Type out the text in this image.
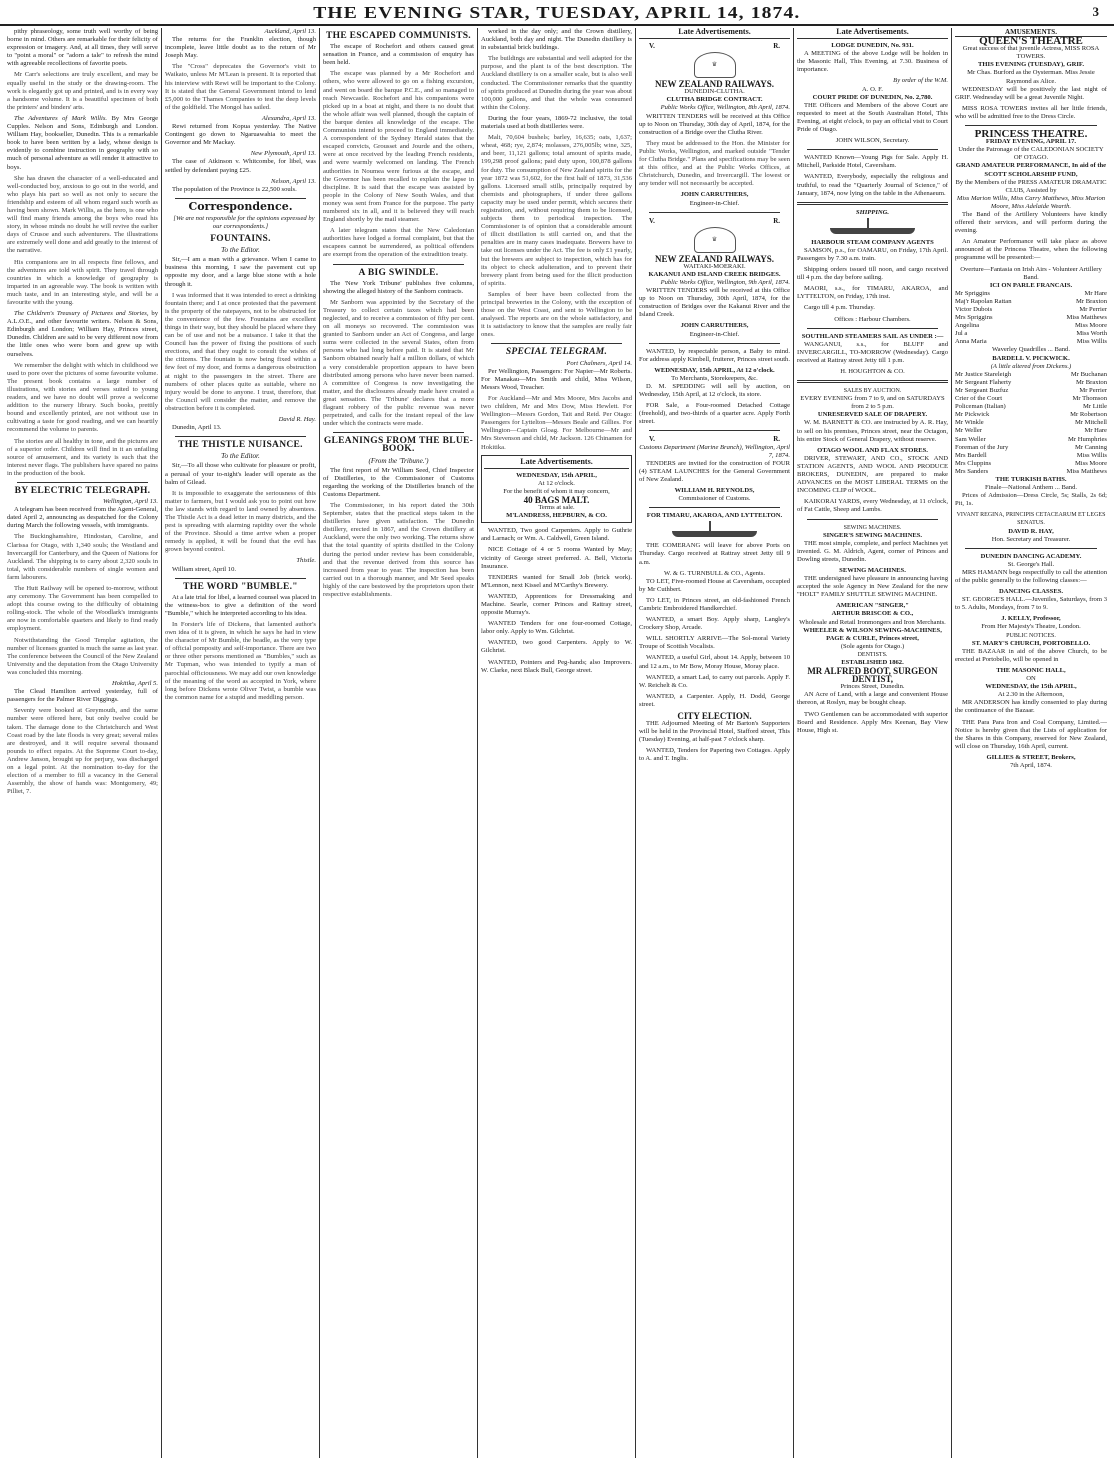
THE EVENING STAR, TUESDAY, APRIL 14, 1874.	3

pithy phraseology, some truth well worthy of being borne in mind. Others are remarkable for their felicity of expression or imagery. And, at all times, they will serve to "point a moral" or "adorn a tale" to refresh the mind with agreeable recollections of favorite poets.

Mr Carr's selections are truly excellent, and may be equally useful in the study or the drawing-room. The work is elegantly got up and printed, and is in every way a handsome volume. It is a beautiful specimen of both the printers' and binders' arts.

The Adventures of Mark Willis. By Mrs George Cupples. Nelson and Sons, Edinburgh and London. William Hay, bookseller, Dunedin. This is a remarkable book to have been written by a lady, whose design is evidently to combine instruction in geography with so much of personal adventure as will render it attractive to boys.

She has drawn the character of a well-educated and well-conducted boy, anxious to go out in the world, and who plays his part so well as not only to secure the friendship and esteem of all whom regard such worth as having been shown. Mark Willis, as the hero, is one who will find many friends among the boys who read his story, in whose minds no doubt he will revive the earlier days of Crusoe and such adventurers. The illustrations are extremely well done and add greatly to the interest of the narrative.

His companions are in all respects fine fellows, and the adventures are told with spirit. They travel through countries in which a knowledge of geography is imparted in an agreeable way. The book is written with much taste, and in an interesting style, and will be a favourite with the young.

The Children's Treasury of Pictures and Stories, by A.L.O.E., and other favourite writers. Nelson & Sons, Edinburgh and London; William Hay, Princes street, Dunedin. Children are said to be very different now from the little ones who were born and grew up with ourselves.

We remember the delight with which in childhood we used to pore over the pictures of some favourite volume. The present book contains a large number of illustrations, with stories and verses suited to young readers, and we have no doubt will prove a welcome addition to the nursery library. Such books, prettily bound and excellently printed, are not without use in cultivating a taste for good reading, and we can heartily recommend the volume to parents.

The stories are all healthy in tone, and the pictures are of a superior order. Children will find in it an unfailing source of amusement, and its variety is such that the interest never flags. The publishers have spared no pains in the production of the book.

BY ELECTRIC TELEGRAPH.
Wellington, April 13.

A telegram has been received from the Agent-General, dated April 2, announcing as despatched for the Colony during March the following vessels, with immigrants.

The Buckinghamshire, Hindostan, Caroline, and Clarissa for Otago, with 1,340 souls; the Westland and Invercargill for Canterbury, and the Queen of Nations for Auckland. The shipping is to carry about 2,320 souls in total, with considerable numbers of single women and farm labourers.

The Hutt Railway will be opened to-morrow, without any ceremony. The Government has been compelled to adopt this course owing to the difficulty of obtaining rolling-stock. The whole of the Woodlark's immigrants are now in comfortable quarters and likely to find ready employment.

Notwithstanding the Good Templar agitation, the number of licenses granted is much the same as last year. The conference between the Council of the New Zealand University and the deputation from the Otago University was concluded this morning.

Hokitika, April 5.

The Clead Hamilton arrived yesterday, full of passengers for the Palmer River Diggings.

Seventy were booked at Greymouth, and the same number were offered here, but only twelve could be taken. The damage done to the Christchurch and West Coast road by the late floods is very great; several miles are destroyed, and it will require several thousand pounds to effect repairs. At the Supreme Court to-day, Andrew Janson, brought up for perjury, was discharged on a legal point. At the nomination to-day for the election of a member to fill a vacancy in the General Assembly, the show of hands was: Montgomery, 49; Pilliet, 7.

Auckland, April 13.

The returns for the Franklin election, though incomplete, leave little doubt as to the return of Mr Joseph May.

The "Cross" deprecates the Governor's visit to Waikato, unless Mr M'Lean is present. It is reported that his interview with Rewi will be important to the Colony. It is stated that the General Government intend to lend £5,000 to the Thames Companies to test the deep levels of the goldfield. The Mongol has sailed.

Alexandra, April 13.

Rewi returned from Kopua yesterday. The Native Contingent go down to Ngaruawahia to meet the Governor and Mr Mackay.

New Plymouth, April 13.

The case of Atkinson v. Whitcombe, for libel, was settled by defendant paying £25.

Nelson, April 13.

The population of the Province is 22,500 souls.

Correspondence.

[We are not responsible for the opinions expressed by our correspondents.]

FOUNTAINS.
To the Editor.

Sir,—I am a man with a grievance. When I came to business this morning, I saw the pavement cut up opposite my door, and a large blue stone with a hole through it.

I was informed that it was intended to erect a drinking fountain there; and I at once protested that the pavement is the property of the ratepayers, not to be obstructed for the convenience of the few. Fountains are excellent things in their way, but they should be placed where they can be of use and not be a nuisance. I take it that the Council has the power of fixing the positions of such erections, and that they ought to consult the wishes of the citizens. The fountain is now being fixed within a few feet of my door, and forms a dangerous obstruction at night to the passengers in the street. There are numbers of other places quite as suitable, where no injury would be done to anyone. I trust, therefore, that the Council will consider the matter, and remove the obstruction before it is completed.

David R. Hay.

Dunedin, April 13.

THE THISTLE NUISANCE.
To the Editor.

Sir,—To all those who cultivate for pleasure or profit, a perusal of your to-night's leader will operate as the balm of Gilead.

It is impossible to exaggerate the seriousness of this matter to farmers, but I would ask you to point out how the law stands with regard to land owned by absentees. The Thistle Act is a dead letter in many districts, and the pest is spreading with alarming rapidity over the whole of the Province. Should a time arrive when a proper remedy is applied, it will be found that the evil has grown beyond control.

Thistle.

William street, April 10.

THE WORD "BUMBLE."

At a late trial for libel, a learned counsel was placed in the witness-box to give a definition of the word "Bumble," which he interpreted according to his idea.

In Forster's life of Dickens, that lamented author's own idea of it is given, in which he says he had in view the character of Mr Bumble, the beadle, as the very type of official pomposity and self-importance. There are two or three other persons mentioned as "Bumbles," such as Mr Tupman, who was intended to typify a man of parochial officiousness. We may add our own knowledge of the meaning of the word as accepted in York, where long before Dickens wrote Oliver Twist, a bumble was the common name for a stupid and meddling person.

THE ESCAPED COMMUNISTS.

The escape of Rochefort and others caused great sensation in France, and a commission of enquiry has been held.

The escape was planned by a Mr Rochefort and others, who were allowed to go on a fishing excursion, and went on board the barque P.C.E., and so managed to reach Newcastle. Rochefort and his companions were picked up in a boat at night, and there is no doubt that the whole affair was well planned, though the captain of the barque denies all knowledge of the escape. The Communists intend to proceed to England immediately. A correspondent of the Sydney Herald states that the escaped convicts, Grousset and Jourde and the others, were at once received by the leading French residents, and were warmly welcomed on landing. The French authorities in Noumea were furious at the escape, and the Governor has been recalled to explain the lapse in discipline. It is said that the escape was assisted by people in the Colony of New South Wales, and that money was sent from France for the purpose. The party numbered six in all, and it is believed they will reach England shortly by the mail steamer.

A later telegram states that the New Caledonian authorities have lodged a formal complaint, but that the escapees cannot be surrendered, as political offenders are exempt from the operation of the extradition treaty.

A BIG SWINDLE.

The 'New York Tribune' publishes five columns, showing the alleged history of the Sanborn contracts.

Mr Sanborn was appointed by the Secretary of the Treasury to collect certain taxes which had been neglected, and to receive a commission of fifty per cent. on all moneys so recovered. The commission was granted to Sanborn under an Act of Congress, and large sums were collected in the several States, often from persons who had long before paid. It is stated that Mr Sanborn obtained nearly half a million dollars, of which a very considerable proportion appears to have been distributed among persons who have never been named. A committee of Congress is now investigating the matter, and the disclosures already made have created a great sensation. The 'Tribune' declares that a more flagrant robbery of the public revenue was never perpetrated, and calls for the instant repeal of the law under which the contracts were made.

GLEANINGS FROM THE BLUE-BOOK.
(From the 'Tribune.')

The first report of Mr William Seed, Chief Inspector of Distilleries, to the Commissioner of Customs regarding the working of the Distilleries branch of the Customs Department.

The Commissioner, in his report dated the 30th September, states that the practical steps taken in the distilleries have given satisfaction. The Dunedin distillery, erected in 1867, and the Crown distillery at Auckland, were the only two working. The returns show that the total quantity of spirits distilled in the Colony during the period under review has been considerable, and that the revenue derived from this source has increased from year to year. The inspection has been carried out in a thorough manner, and Mr Seed speaks highly of the care bestowed by the proprietors upon their respective establishments.

worked in the day only; and the Crown distillery, Auckland, both day and night. The Dunedin distillery is in substantial brick buildings.

The buildings are substantial and well adapted for the purpose, and the plant is of the best description. The Auckland distillery is on a smaller scale, but is also well conducted. The Commissioner remarks that the quantity of spirits produced at Dunedin during the year was about 100,000 gallons, and that the whole was consumed within the Colony.

During the four years, 1869-72 inclusive, the total materials used at both distilleries were.

Malt, 70,604 bushels; barley, 16,635; oats, 1,637; wheat, 468; rye, 2,874; molasses, 276,005lb; wine, 325, and beer, 11,121 gallons; total amount of spirits made, 199,298 proof gallons; paid duty upon, 100,878 gallons for duty. The consumption of New Zealand spirits for the year 1872 was 51,602, for the first half of 1873, 31,536 gallons. Licensed small stills, principally required by chemists and photographers, if under three gallons capacity may be used under permit, which secures their registration, and, without requiring them to be licensed, subjects them to periodical inspection. The Commissioner is of opinion that a considerable amount of illicit distillation is still carried on, and that the penalties are in many cases inadequate. Brewers have to take out licenses under the Act. The fee is only £1 yearly, but the brewers are subject to inspection, which has for its object to check adulteration, and to prevent their brewery plant from being used for the illicit production of spirits.

Samples of beer have been collected from the principal breweries in the Colony, with the exception of those on the West Coast, and sent to Wellington to be analysed. The reports are on the whole satisfactory, and it is satisfactory to know that the samples are really fair ones.

SPECIAL TELEGRAM.
Port Chalmers, April 14.

Per Wellington, Passengers: For Napier—Mr Roberts. For Manakau—Mrs Smith and child, Miss Wilson, Messrs Wood, Treacher.

For Auckland—Mr and Mrs Moore, Mrs Jacobs and two children, Mr and Mrs Dow, Miss Hewlett. For Wellington—Messrs Gordon, Tait and Reid. Per Otago: Passengers for Lyttelton—Messrs Beale and Gillies. For Wellington—Captain Gloag. For Melbourne—Mr and Mrs Stevenson and child, Mr Jackson. 126 Chinamen for Hokitika.

Late Advertisements.
WEDNESDAY, 15th APRIL,
At 12 o'clock.
For the benefit of whom it may concern,
40 BAGS MALT.
Terms at sale.
M'LANDRESS, HEPBURN, & CO.

WANTED, Two good Carpenters. Apply to Guthrie and Larnach; or Wm. A. Caldwell, Green Island.

NICE Cottage of 4 or 5 rooms Wanted by May; vicinity of George street preferred. A. Bell, Victoria Insurance.

TENDERS wanted for Small Job (brick work). M'Lennon, next Kissel and M'Carthy's Brewery.

WANTED, Apprentices for Dressmaking and Machine. Searle, corner Princes and Rattray street, opposite Murray's.

WANTED Tenders for one four-roomed Cottage, labor only. Apply to Wm. Gilchrist.

WANTED, two good Carpenters. Apply to W. Gilchrist.

WANTED, Pointers and Peg-hands; also Improvers. W. Clarke, next Black Bull, George street.

Late Advertisements.
V.	R.
♛
NEW ZEALAND RAILWAYS.
DUNEDIN-CLUTHA.
CLUTHA BRIDGE CONTRACT.
Public Works Office, Wellington, 8th April, 1874.

WRITTEN TENDERS will be received at this Office up to Noon on Thursday, 30th day of April, 1874, for the construction of a Bridge over the Clutha River.

They must be addressed to the Hon. the Minister for Public Works, Wellington, and marked outside "Tender for Clutha Bridge." Plans and specifications may be seen at this office, and at the Public Works Offices, at Christchurch, Dunedin, and Invercargill. The lowest or any tender will not necessarily be accepted.

JOHN CARRUTHERS,
Engineer-in-Chief.
V.	R.
♛
NEW ZEALAND RAILWAYS.
WAITAKI-MOERAKI.
KAKANUI AND ISLAND CREEK BRIDGES.
Public Works Office, Wellington, 9th April, 1874.

WRITTEN TENDERS will be received at this Office up to Noon on Thursday, 30th April, 1874, for the construction of Bridges over the Kakanui River and the Island Creek.

JOHN CARRUTHERS,
Engineer-in-Chief.

WANTED, by respectable person, a Baby to mind. For address apply Kimbell, fruiterer, Princes street south.

WEDNESDAY, 15th APRIL, At 12 o'clock.
To Merchants, Storekeepers, &c.

D. M. SPEDDING will sell by auction, on Wednesday, 15th April, at 12 o'clock, its store.

FOR Sale, a Four-roomed Detached Cottage (freehold), and two-thirds of a quarter acre. Apply Forth street.

V.	R.
Customs Department (Marine Branch), Wellington, April 7, 1874.

TENDERS are invited for the construction of FOUR (4) STEAM LAUNCHES for the General Government of New Zealand.

WILLIAM H. REYNOLDS,
Commissioner of Customs.
FOR TIMARU, AKAROA, AND LYTTELTON.

THE COMERANG will leave for above Ports on Thursday. Cargo received at Rattray street Jetty till 9 a.m.

W. & G. TURNBULL & CO., Agents.

TO LET, Five-roomed House at Caversham, occupied by Mr Cuthbert.

TO LET, in Princes street, an old-fashioned French Cambric Embroidered Handkerchief.

WANTED, a smart Boy. Apply sharp, Langley's Crockery Shop, Arcade.

WILL SHORTLY ARRIVE—The Sol-moral Variety Troupe of Scottish Vocalists.

WANTED, a useful Girl, about 14. Apply, between 10 and 12 a.m., to Mr Bow, Moray House, Moray place.

WANTED, a smart Lad, to carry out parcels. Apply F. W. Reichelt & Co.

WANTED, a Carpenter. Apply, H. Dodd, George street.

CITY ELECTION.

THE Adjourned Meeting of Mr Barton's Supporters will be held in the Provincial Hotel, Stafford street, This (Tuesday) Evening, at half-past 7 o'clock sharp.

WANTED, Tenders for Papering two Cottages. Apply to A. and T. Inglis.

Late Advertisements.
LODGE DUNEDIN, No. 931.

A MEETING of the above Lodge will be holden in the Masonic Hall, This Evening, at 7.30. Business of importance.

By order of the W.M.
A. O. F.
COURT PRIDE OF DUNEDIN, No. 2,780.

THE Officers and Members of the above Court are requested to meet at the South Australian Hotel, This Evening, at eight o'clock, to pay an official visit to Court Pride of Otago.

JOHN WILSON, Secretary.

WANTED Known—Young Pigs for Sale. Apply H. Mitchell, Parkside Hotel, Caversham.

WANTED, Everybody, especially the religious and truthful, to read the "Quarterly Journal of Science," of January, 1874, now lying on the table in the Athenaeum.

SHIPPING.
HARBOUR STEAM COMPANY AGENTS

SAMSON, p.s., for OAMARU, on Friday, 17th April. Passengers by 7.30 a.m. train.

Shipping orders issued till noon, and cargo received till 4 p.m. the day before sailing.

MAORI, s.s., for TIMARU, AKAROA, and LYTTELTON, on Friday, 17th inst.

Cargo till 4 p.m. Thursday.

Offices : Harbour Chambers.
SOUTHLAND STEAMERS SAIL AS UNDER :—

WANGANUI, s.s., for BLUFF and INVERCARGILL, TO-MORROW (Wednesday). Cargo received at Rattray street Jetty till 1 p.m.

H. HOUGHTON & CO.
SALES BY AUCTION.
EVERY EVENING from 7 to 9, and on SATURDAYS from 2 to 5 p.m.
UNRESERVED SALE OF DRAPERY.

W. M. BARNETT & CO. are instructed by A. R. Hay, to sell on his premises, Princes street, near the Octagon, his entire Stock of General Drapery, without reserve.

OTAGO WOOL AND FLAX STORES.

DRIVER, STEWART, AND CO., STOCK AND STATION AGENTS, AND WOOL AND PRODUCE BROKERS, DUNEDIN, are prepared to make ADVANCES on the MOST LIBERAL TERMS on the INCOMING CLIP of WOOL.

KAIKORAI YARDS, every Wednesday, at 11 o'clock, of Fat Cattle, Sheep and Lambs.

SEWING MACHINES.
SINGER'S SEWING MACHINES.

THE most simple, complete, and perfect Machines yet invented. G. M. Aldrich, Agent, corner of Princes and Dowling streets, Dunedin.

SEWING MACHINES.

THE undersigned have pleasure in announcing having accepted the sole Agency in New Zealand for the new "HOLT" FAMILY SHUTTLE SEWING MACHINE.

AMERICAN "SINGER,"
ARTHUR BRISCOE & CO.,
Wholesale and Retail Ironmongers and Iron Merchants.
WHEELER & WILSON SEWING-MACHINES,
PAGE & CURLE, Princes street,
(Sole agents for Otago.)
DENTISTS.
ESTABLISHED 1862.
MR ALFRED BOOT, SURGEON DENTIST,
Princes Street, Dunedin.

AN Acre of Land, with a large and convenient House thereon, at Roslyn, may be bought cheap.

TWO Gentlemen can be accommodated with superior Board and Residence. Apply Mrs Keenan, Bay View House, High st.

AMUSEMENTS.
QUEEN'S THEATRE
Great success of that juvenile Actress, MISS ROSA TOWERS.
THIS EVENING (TUESDAY), GRIF.
Mr Chas. Burford as the Oysterman. Miss Jessie Raymond as Alice.

WEDNESDAY will be positively the last night of GRIF. Wednesday will be a great Juvenile Night.

MISS ROSA TOWERS invites all her little friends, who will be admitted free to the Dress Circle.

PRINCESS THEATRE.
FRIDAY EVENING, APRIL 17.
Under the Patronage of the CALEDONIAN SOCIETY OF OTAGO.
GRAND AMATEUR PERFORMANCE, In aid of the SCOTT SCHOLARSHIP FUND,
By the Members of the PRESS AMATEUR DRAMATIC CLUB, Assisted by
Miss Marion Willis, Miss Carry Matthews, Miss Marion Moore, Miss Adelaide Wearth.

The Band of the Artillery Volunteers have kindly offered their services, and will perform during the evening.

An Amateur Performance will take place as above announced at the Princess Theatre, when the following programme will be presented:—

Overture—Fantasia on Irish Airs - Volunteer Artillery Band.
ICI ON PARLE FRANCAIS.
Mr Spriggins	Mr Hare
Maj'r Rapolan Rattan	Mr Braxton
Victor Dubois	Mr Perrier
Mrs Spriggins	Miss Matthews
Angelina	Miss Moore
Jul a	Miss Worth
Anna Maria	Miss Willis
Waverley Quadrilles ... Band.
BARDELL V. PICKWICK.
(A little altered from Dickens.)
Mr Justice Stareleigh	Mr Buchanan
Mr Sergeant Flaherty	Mr Braxton
Mr Sergeant Buzfuz	Mr Perrier
Crier of the Court	Mr Thomson
Policeman (Italian)	Mr Little
Mr Pickwick	Mr Robertson
Mr Winkle	Mr Mitchell
Mr Weller	Mr Hare
Sam Weller	Mr Humphries
Foreman of the Jury	Mr Canning
Mrs Bardell	Miss Willis
Mrs Cluppins	Miss Moore
Mrs Sanders	Miss Matthews
THE TURKISH BATHS.
Finale—National Anthem ... Band.

Prices of Admission—Dress Circle, 5s; Stalls, 2s 6d; Pit, 1s.

VIVANT REGINA, PRINCIPIS CETACEARUM ET LEGES SENATUS.
DAVID R. HAY,
Hon. Secretary and Treasurer.
DUNEDIN DANCING ACADEMY.
St. George's Hall.

MRS HAMANN begs respectfully to call the attention of the public generally to the following classes:—

DANCING CLASSES.

ST. GEORGE'S HALL.—Juveniles, Saturdays, from 3 to 5. Adults, Mondays, from 7 to 9.

J. KELLY, Professor,
From Her Majesty's Theatre, London.
PUBLIC NOTICES.
ST. MARY'S CHURCH, PORTOBELLO.

THE BAZAAR in aid of the above Church, to be erected at Portobello, will be opened in

THE MASONIC HALL,
ON
WEDNESDAY, the 15th APRIL,
At 2.30 in the Afternoon,

MR ANDERSON has kindly consented to play during the continuance of the Bazaar.

THE Para Para Iron and Coal Company, Limited.—Notice is hereby given that the Lists of application for the Shares in this Company, reserved for New Zealand, will close on Thursday, 16th April, current.

GILLIES & STREET, Brokers,
7th April, 1874.
